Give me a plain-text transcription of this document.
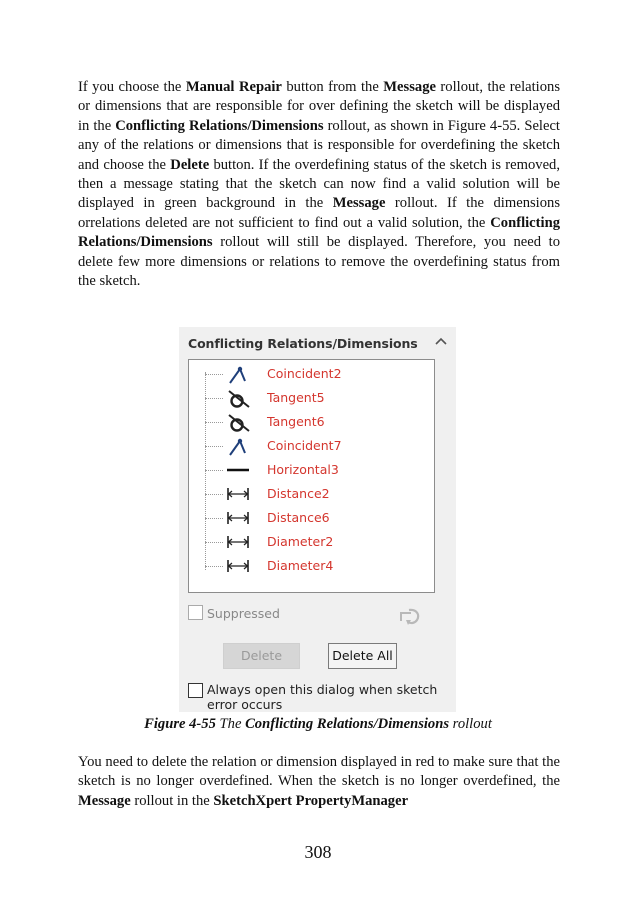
If you choose the Manual Repair button from the Message rollout, the relations or dimensions that are responsible for over defining the sketch will be displayed in the Conflicting Relations/Dimensions rollout, as shown in Figure 4-55. Select any of the relations or dimensions that is responsible for overdefining the sketch and choose the Delete button. If the overdefining status of the sketch is removed, then a message stating that the sketch can now find a valid solution will be displayed in green background in the Message rollout. If the dimensions orrelations deleted are not sufficient to find out a valid solution, the Conflicting Relations/Dimensions rollout will still be displayed. Therefore, you need to delete few more dimensions or relations to remove the overdefining status from the sketch.

Conflicting Relations/Dimensions
Coincident2
Tangent5
Tangent6
Coincident7
Horizontal3
Distance2
Distance6
Diameter2
Diameter4
Suppressed
Delete	Delete All
Always open this dialog when sketch error occurs
Figure 4-55 The Conflicting Relations/Dimensions rollout

You need to delete the relation or dimension displayed in red to make sure that the sketch is no longer overdefined. When the sketch is no longer overdefined, the Message rollout in the SketchXpert PropertyManager

308
